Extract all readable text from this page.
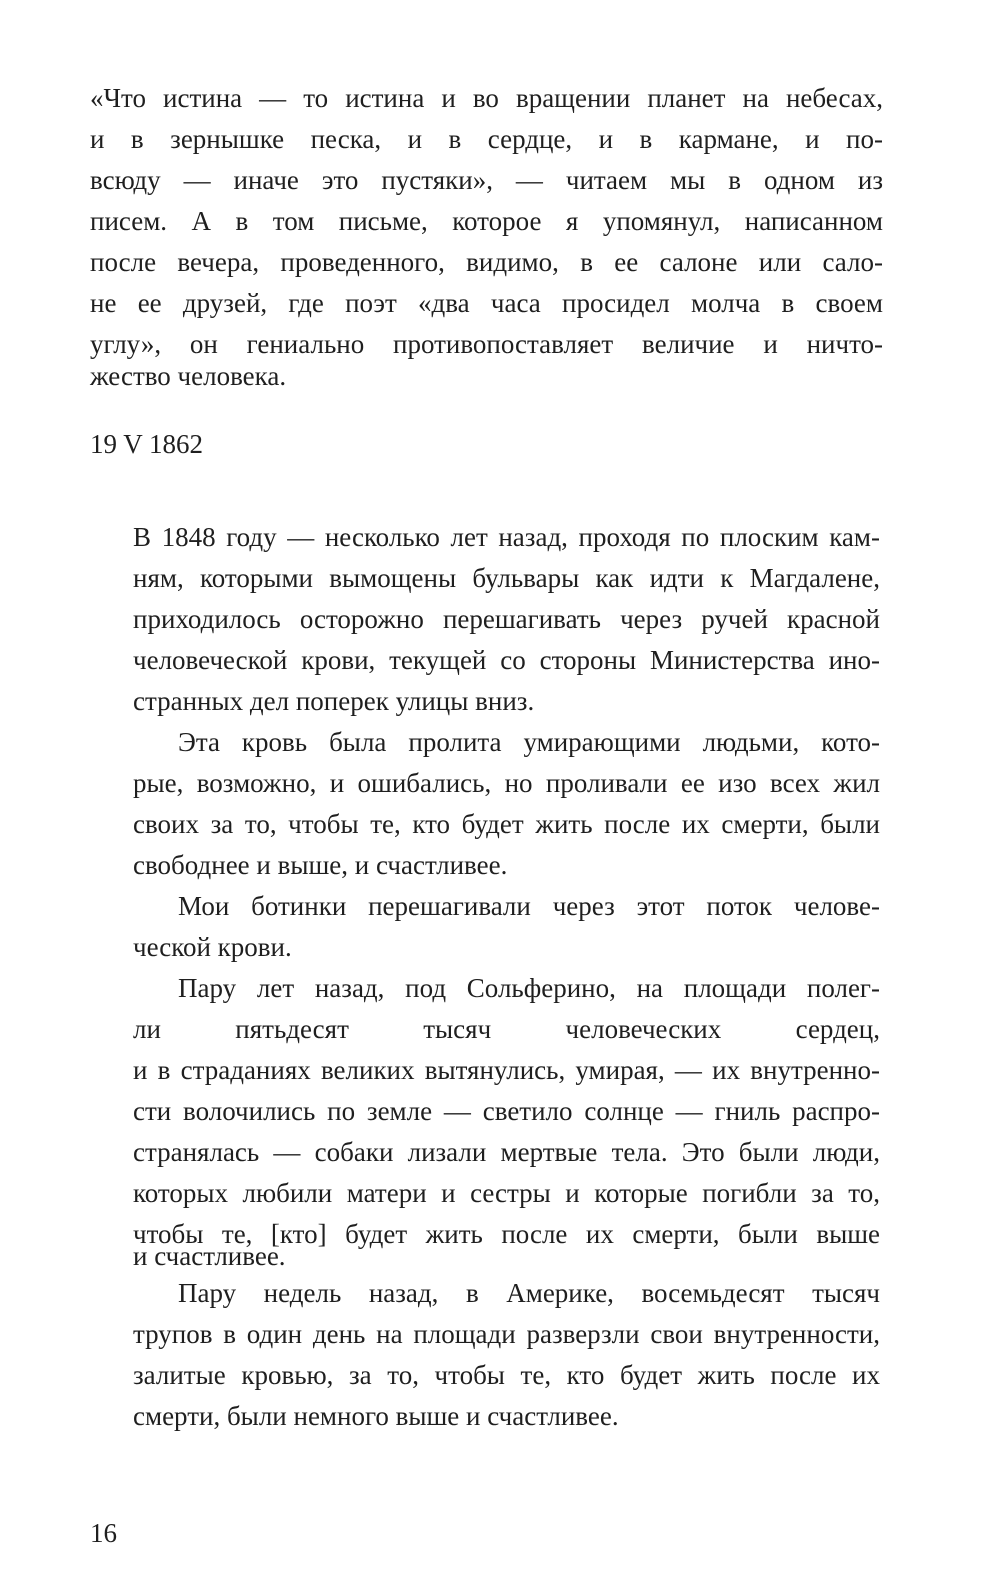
«Что истина — то истина и во вращении планет на небесах,
и в зернышке песка, и в сердце, и в кармане, и по-
всюду — иначе это пустяки», — читаем мы в одном из
писем. А в том письме, которое я упомянул, написанном
после вечера, проведенного, видимо, в ее салоне или сало-
не ее друзей, где поэт «два часа просидел молча в своем
углу», он гениально противопоставляет величие и ничто-
жество человека.
19 V 1862
В 1848 году — несколько лет назад, проходя по плоским кам-
ням, которыми вымощены бульвары как идти к Магдалене,
приходилось осторожно перешагивать через ручей красной
человеческой крови, текущей со стороны Министерства ино-
странных дел поперек улицы вниз.
Эта кровь была пролита умирающими людьми, кото-
рые, возможно, и ошибались, но проливали ее изо всех жил
своих за то, чтобы те, кто будет жить после их смерти, были
свободнее и выше, и счастливее.
Мои ботинки перешагивали через этот поток челове-
ческой крови.
Пару лет назад, под Сольферино, на площади полег-
ли пятьдесят тысяч человеческих сердец,
и в страданиях великих вытянулись, умирая, — их внутренно-
сти волочились по земле — светило солнце — гниль распро-
странялась — собаки лизали мертвые тела. Это были люди,
которых любили матери и сестры и которые погибли за то,
чтобы те, [кто] будет жить после их смерти, были выше
и счастливее.
Пару недель назад, в Америке, восемьдесят тысяч
трупов в один день на площади разверзли свои внутренности,
залитые кровью, за то, чтобы те, кто будет жить после их
смерти, были немного выше и счастливее.
16
